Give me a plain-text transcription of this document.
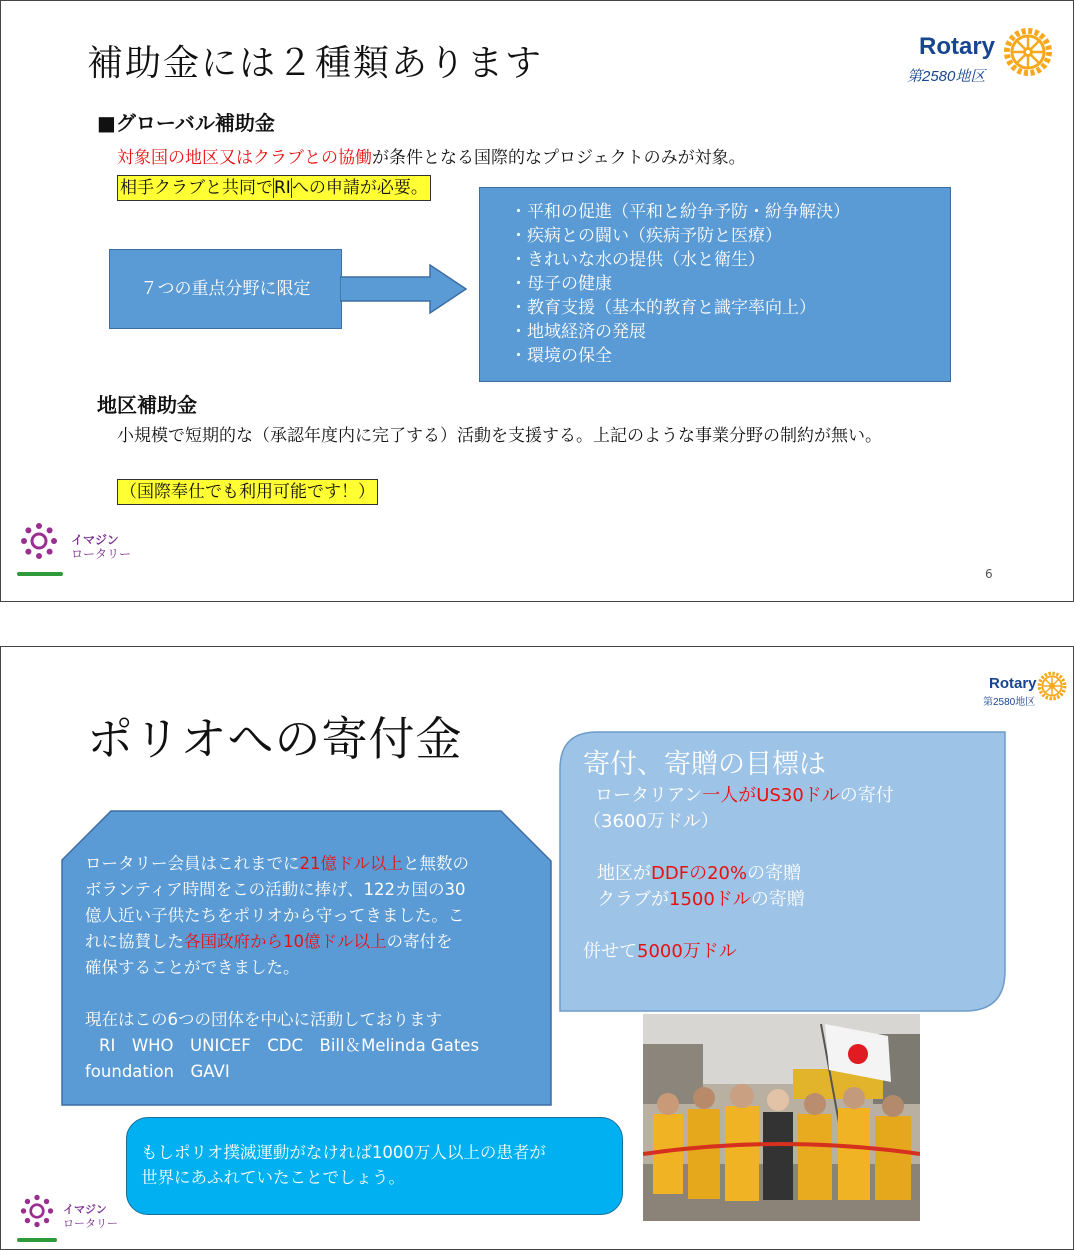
補助金には２種類あります	Rotary
第2580地区
■グローバル補助金
対象国の地区又はクラブとの協働が条件となる国際的なプロジェクトのみが対象。
相手クラブと共同でRIへの申請が必要。
７つの重点分野に限定
・平和の促進（平和と紛争予防・紛争解決）
・疾病との闘い（疾病予防と医療）
・きれいな水の提供（水と衛生）
・母子の健康
・教育支援（基本的教育と識字率向上）
・地域経済の発展
・環境の保全
地区補助金
小規模で短期的な（承認年度内に完了する）活動を支援する。上記のような事業分野の制約が無い。
（国際奉仕でも利用可能です！）
イマジン
ロータリー
6
Rotary
第2580地区
ポリオへの寄付金
ロータリー会員はこれまでに21億ドル以上と無数の
ボランティア時間をこの活動に捧げ、122カ国の30
億人近い子供たちをポリオから守ってきました。こ
れに協賛した各国政府から10億ドル以上の寄付を
確保することができました。
現在はこの6つの団体を中心に活動しております
RI　WHO　UNICEF　CDC　Bill＆Melinda Gates
foundation　GAVI
寄付、寄贈の目標は
ロータリアン一人がUS30ドルの寄付
（3600万ドル）
地区がDDFの20%の寄贈
クラブが1500ドルの寄贈
併せて5000万ドル
もしポリオ撲滅運動がなければ1000万人以上の患者が
世界にあふれていたことでしょう。
イマジン
ロータリー
